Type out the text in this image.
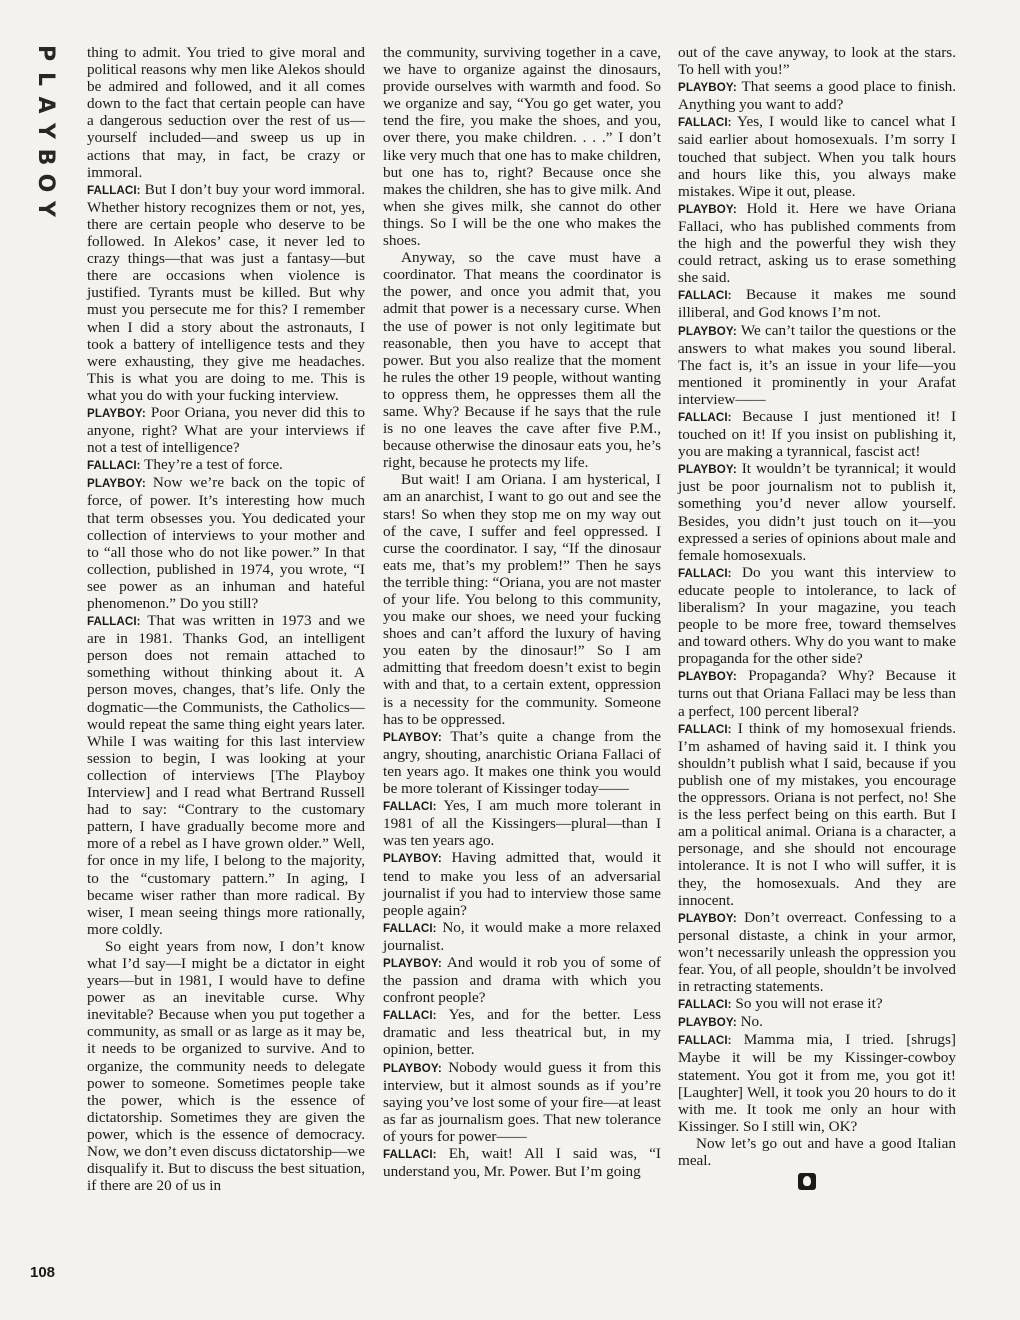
P
L
A
Y
B
O
Y

thing to admit. You tried to give moral and political reasons why men like Alekos should be admired and followed, and it all comes down to the fact that certain people can have a dangerous seduction over the rest of us—yourself included—and sweep us up in actions that may, in fact, be crazy or immoral.

FALLACI: But I don’t buy your word immoral. Whether history recognizes them or not, yes, there are certain people who deserve to be followed. In Alekos’ case, it never led to crazy things—that was just a fantasy—but there are occasions when violence is justified. Tyrants must be killed. But why must you persecute me for this? I remember when I did a story about the astronauts, I took a battery of intelligence tests and they were exhausting, they give me headaches. This is what you are doing to me. This is what you do with your fucking interview.

PLAYBOY: Poor Oriana, you never did this to anyone, right? What are your interviews if not a test of intelligence?

FALLACI: They’re a test of force.

PLAYBOY: Now we’re back on the topic of force, of power. It’s interesting how much that term obsesses you. You dedicated your collection of interviews to your mother and to “all those who do not like power.” In that collection, published in 1974, you wrote, “I see power as an inhuman and hateful phenomenon.” Do you still?

FALLACI: That was written in 1973 and we are in 1981. Thanks God, an intelligent person does not remain attached to something without thinking about it. A person moves, changes, that’s life. Only the dogmatic—the Communists, the Catholics—would repeat the same thing eight years later. While I was waiting for this last interview session to begin, I was looking at your collection of interviews [The Playboy Interview] and I read what Bertrand Russell had to say: “Contrary to the customary pattern, I have gradually become more and more of a rebel as I have grown older.” Well, for once in my life, I belong to the majority, to the “customary pattern.” In aging, I became wiser rather than more radical. By wiser, I mean seeing things more rationally, more coldly.

So eight years from now, I don’t know what I’d say—I might be a dictator in eight years—but in 1981, I would have to define power as an inevitable curse. Why inevitable? Because when you put together a community, as small or as large as it may be, it needs to be organized to survive. And to organize, the community needs to delegate power to someone. Sometimes people take the power, which is the essence of dictatorship. Sometimes they are given the power, which is the essence of democracy. Now, we don’t even discuss dictatorship—we disqualify it. But to discuss the best situation, if there are 20 of us in

the community, surviving together in a cave, we have to organize against the dinosaurs, provide ourselves with warmth and food. So we organize and say, “You go get water, you tend the fire, you make the shoes, and you, over there, you make children. . . .” I don’t like very much that one has to make children, but one has to, right? Because once she makes the children, she has to give milk. And when she gives milk, she cannot do other things. So I will be the one who makes the shoes.

Anyway, so the cave must have a coordinator. That means the coordinator is the power, and once you admit that, you admit that power is a necessary curse. When the use of power is not only legitimate but reasonable, then you have to accept that power. But you also realize that the moment he rules the other 19 people, without wanting to oppress them, he oppresses them all the same. Why? Because if he says that the rule is no one leaves the cave after five P.M., because otherwise the dinosaur eats you, he’s right, because he protects my life.

But wait! I am Oriana. I am hysterical, I am an anarchist, I want to go out and see the stars! So when they stop me on my way out of the cave, I suffer and feel oppressed. I curse the coordinator. I say, “If the dinosaur eats me, that’s my problem!” Then he says the terrible thing: “Oriana, you are not master of your life. You belong to this community, you make our shoes, we need your fucking shoes and can’t afford the luxury of having you eaten by the dinosaur!” So I am admitting that freedom doesn’t exist to begin with and that, to a certain extent, oppression is a necessity for the community. Someone has to be oppressed.

PLAYBOY: That’s quite a change from the angry, shouting, anarchistic Oriana Fallaci of ten years ago. It makes one think you would be more tolerant of Kissinger today——

FALLACI: Yes, I am much more tolerant in 1981 of all the Kissingers—plural—than I was ten years ago.

PLAYBOY: Having admitted that, would it tend to make you less of an adversarial journalist if you had to interview those same people again?

FALLACI: No, it would make a more relaxed journalist.

PLAYBOY: And would it rob you of some of the passion and drama with which you confront people?

FALLACI: Yes, and for the better. Less dramatic and less theatrical but, in my opinion, better.

PLAYBOY: Nobody would guess it from this interview, but it almost sounds as if you’re saying you’ve lost some of your fire—at least as far as journalism goes. That new tolerance of yours for power——

FALLACI: Eh, wait! All I said was, “I understand you, Mr. Power. But I’m going

out of the cave anyway, to look at the stars. To hell with you!”

PLAYBOY: That seems a good place to finish. Anything you want to add?

FALLACI: Yes, I would like to cancel what I said earlier about homosexuals. I’m sorry I touched that subject. When you talk hours and hours like this, you always make mistakes. Wipe it out, please.

PLAYBOY: Hold it. Here we have Oriana Fallaci, who has published comments from the high and the powerful they wish they could retract, asking us to erase something she said.

FALLACI: Because it makes me sound illiberal, and God knows I’m not.

PLAYBOY: We can’t tailor the questions or the answers to what makes you sound liberal. The fact is, it’s an issue in your life—you mentioned it prominently in your Arafat interview——

FALLACI: Because I just mentioned it! I touched on it! If you insist on publishing it, you are making a tyrannical, fascist act!

PLAYBOY: It wouldn’t be tyrannical; it would just be poor journalism not to publish it, something you’d never allow yourself. Besides, you didn’t just touch on it—you expressed a series of opinions about male and female homosexuals.

FALLACI: Do you want this interview to educate people to intolerance, to lack of liberalism? In your magazine, you teach people to be more free, toward themselves and toward others. Why do you want to make propaganda for the other side?

PLAYBOY: Propaganda? Why? Because it turns out that Oriana Fallaci may be less than a perfect, 100 percent liberal?

FALLACI: I think of my homosexual friends. I’m ashamed of having said it. I think you shouldn’t publish what I said, because if you publish one of my mistakes, you encourage the oppressors. Oriana is not perfect, no! She is the less perfect being on this earth. But I am a political animal. Oriana is a character, a personage, and she should not encourage intolerance. It is not I who will suffer, it is they, the homosexuals. And they are innocent.

PLAYBOY: Don’t overreact. Confessing to a personal distaste, a chink in your armor, won’t necessarily unleash the oppression you fear. You, of all people, shouldn’t be involved in retracting statements.

FALLACI: So you will not erase it?

PLAYBOY: No.

FALLACI: Mamma mia, I tried. [shrugs] Maybe it will be my Kissinger-cowboy statement. You got it from me, you got it! [Laughter] Well, it took you 20 hours to do it with me. It took me only an hour with Kissinger. So I still win, OK?

Now let’s go out and have a good Italian meal.

108
